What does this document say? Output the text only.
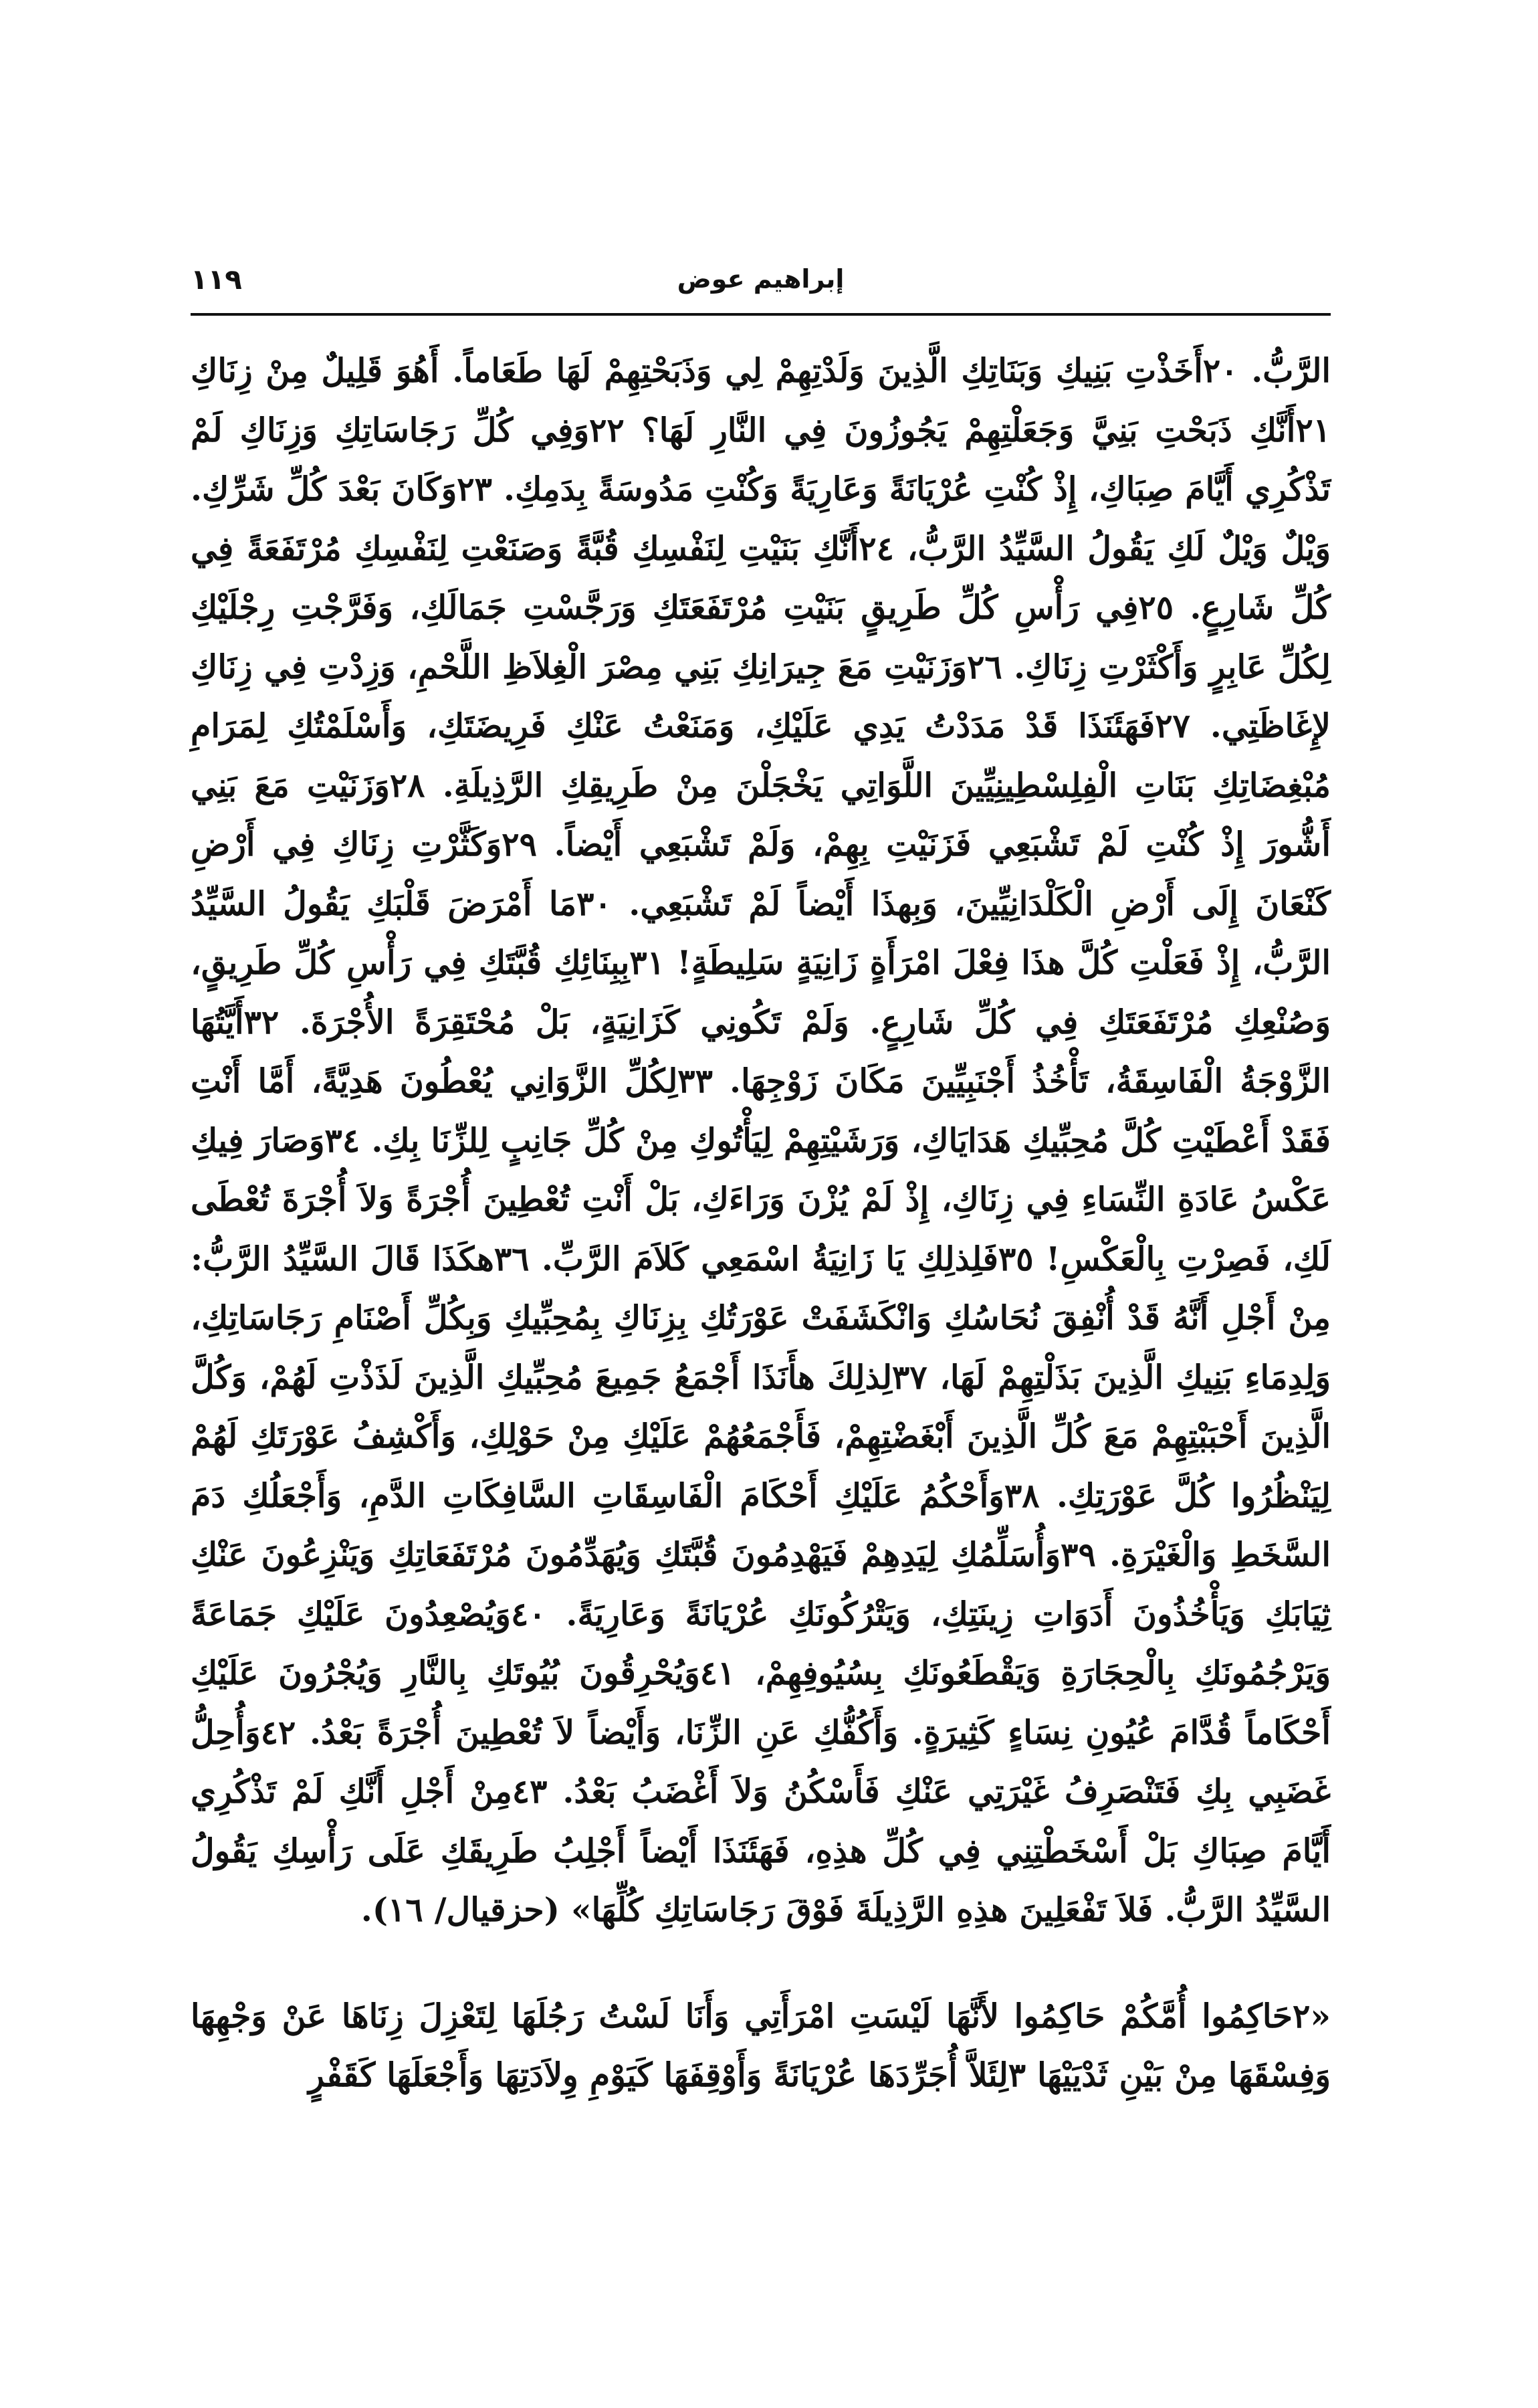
١١٩	إبراهيم عوض

الرَّبُّ. ٢٠أَخَذْتِ بَنِيكِ وَبَنَاتِكِ الَّذِينَ وَلَدْتِهِمْ لِي وَذَبَحْتِهِمْ لَهَا طَعَاماً. أَهُوَ قَلِيلٌ مِنْ زِنَاكِ ٢١أَنَّكِ ذَبَحْتِ بَنِيَّ وَجَعَلْتِهِمْ يَجُوزُونَ فِي النَّارِ لَهَا؟ ٢٢وَفِي كُلِّ رَجَاسَاتِكِ وَزِنَاكِ لَمْ تَذْكُرِي أَيَّامَ صِبَاكِ، إِذْ كُنْتِ عُرْيَانَةً وَعَارِيَةً وَكُنْتِ مَدُوسَةً بِدَمِكِ. ٢٣وَكَانَ بَعْدَ كُلِّ شَرِّكِ. وَيْلٌ وَيْلٌ لَكِ يَقُولُ السَّيِّدُ الرَّبُّ، ٢٤أَنَّكِ بَنَيْتِ لِنَفْسِكِ قُبَّةً وَصَنَعْتِ لِنَفْسِكِ مُرْتَفَعَةً فِي كُلِّ شَارِعٍ. ٢٥فِي رَأْسِ كُلِّ طَرِيقٍ بَنَيْتِ مُرْتَفَعَتَكِ وَرَجَّسْتِ جَمَالَكِ، وَفَرَّجْتِ رِجْلَيْكِ لِكُلِّ عَابِرٍ وَأَكْثَرْتِ زِنَاكِ. ٢٦وَزَنَيْتِ مَعَ جِيرَانِكِ بَنِي مِصْرَ الْغِلاَظِ اللَّحْمِ، وَزِدْتِ فِي زِنَاكِ لإِغَاظَتِي. ٢٧فَهَئَنَذَا قَدْ مَدَدْتُ يَدِي عَلَيْكِ، وَمَنَعْتُ عَنْكِ فَرِيضَتَكِ، وَأَسْلَمْتُكِ لِمَرَامِ مُبْغِضَاتِكِ بَنَاتِ الْفِلِسْطِينِيِّينَ اللَّوَاتِي يَخْجَلْنَ مِنْ طَرِيقِكِ الرَّذِيلَةِ. ٢٨وَزَنَيْتِ مَعَ بَنِي أَشُّورَ إِذْ كُنْتِ لَمْ تَشْبَعِي فَزَنَيْتِ بِهِمْ، وَلَمْ تَشْبَعِي أَيْضاً. ٢٩وَكَثَّرْتِ زِنَاكِ فِي أَرْضِ كَنْعَانَ إِلَى أَرْضِ الْكَلْدَانِيِّينَ، وَبِهذَا أَيْضاً لَمْ تَشْبَعِي. ٣٠مَا أَمْرَضَ قَلْبَكِ يَقُولُ السَّيِّدُ الرَّبُّ، إِذْ فَعَلْتِ كُلَّ هذَا فِعْلَ امْرَأَةٍ زَانِيَةٍ سَلِيطَةٍ! ٣١بِبِنَائِكِ قُبَّتَكِ فِي رَأْسِ كُلِّ طَرِيقٍ، وَصُنْعِكِ مُرْتَفَعَتَكِ فِي كُلِّ شَارِعٍ. وَلَمْ تَكُونِي كَزَانِيَةٍ، بَلْ مُحْتَقِرَةً الأُجْرَةَ. ٣٢أَيَّتُهَا الزَّوْجَةُ الْفَاسِقَةُ، تَأْخُذُ أَجْنَبِيِّينَ مَكَانَ زَوْجِهَا. ٣٣لِكُلِّ الزَّوَانِي يُعْطُونَ هَدِيَّةً، أَمَّا أَنْتِ فَقَدْ أَعْطَيْتِ كُلَّ مُحِبِّيكِ هَدَايَاكِ، وَرَشَيْتِهِمْ لِيَأْتُوكِ مِنْ كُلِّ جَانِبٍ لِلزِّنَا بِكِ. ٣٤وَصَارَ فِيكِ عَكْسُ عَادَةِ النِّسَاءِ فِي زِنَاكِ، إِذْ لَمْ يُزْنَ وَرَاءَكِ، بَلْ أَنْتِ تُعْطِينَ أُجْرَةً وَلاَ أُجْرَةَ تُعْطَى لَكِ، فَصِرْتِ بِالْعَكْسِ! ٣٥فَلِذلِكِ يَا زَانِيَةُ اسْمَعِي كَلاَمَ الرَّبِّ. ٣٦هكَذَا قَالَ السَّيِّدُ الرَّبُّ: مِنْ أَجْلِ أَنَّهُ قَدْ أُنْفِقَ نُحَاسُكِ وَانْكَشَفَتْ عَوْرَتُكِ بِزِنَاكِ بِمُحِبِّيكِ وَبِكُلِّ أَصْنَامِ رَجَاسَاتِكِ، وَلِدِمَاءِ بَنِيكِ الَّذِينَ بَذَلْتِهِمْ لَهَا، ٣٧لِذلِكَ هأَنَذَا أَجْمَعُ جَمِيعَ مُحِبِّيكِ الَّذِينَ لَذَذْتِ لَهُمْ، وَكُلَّ الَّذِينَ أَحْبَبْتِهِمْ مَعَ كُلِّ الَّذِينَ أَبْغَضْتِهِمْ، فَأَجْمَعُهُمْ عَلَيْكِ مِنْ حَوْلِكِ، وَأَكْشِفُ عَوْرَتَكِ لَهُمْ لِيَنْظُرُوا كُلَّ عَوْرَتِكِ. ٣٨وَأَحْكُمُ عَلَيْكِ أَحْكَامَ الْفَاسِقَاتِ السَّافِكَاتِ الدَّمِ، وَأَجْعَلُكِ دَمَ السَّخَطِ وَالْغَيْرَةِ. ٣٩وَأُسَلِّمُكِ لِيَدِهِمْ فَيَهْدِمُونَ قُبَّتَكِ وَيُهَدِّمُونَ مُرْتَفَعَاتِكِ وَيَنْزِعُونَ عَنْكِ ثِيَابَكِ وَيَأْخُذُونَ أَدَوَاتِ زِينَتِكِ، وَيَتْرُكُونَكِ عُرْيَانَةً وَعَارِيَةً. ٤٠وَيُصْعِدُونَ عَلَيْكِ جَمَاعَةً وَيَرْجُمُونَكِ بِالْحِجَارَةِ وَيَقْطَعُونَكِ بِسُيُوفِهِمْ، ٤١وَيُحْرِقُونَ بُيُوتَكِ بِالنَّارِ وَيُجْرُونَ عَلَيْكِ أَحْكَاماً قُدَّامَ عُيُونِ نِسَاءٍ كَثِيرَةٍ. وَأَكُفُّكِ عَنِ الزِّنَا، وَأَيْضاً لاَ تُعْطِينَ أُجْرَةً بَعْدُ. ٤٢وَأُحِلُّ غَضَبِي بِكِ فَتَنْصَرِفُ غَيْرَتِي عَنْكِ فَأَسْكُنُ وَلاَ أَغْضَبُ بَعْدُ. ٤٣مِنْ أَجْلِ أَنَّكِ لَمْ تَذْكُرِي أَيَّامَ صِبَاكِ بَلْ أَسْخَطْتِنِي فِي كُلِّ هذِهِ، فَهَئَنَذَا أَيْضاً أَجْلِبُ طَرِيقَكِ عَلَى رَأْسِكِ يَقُولُ السَّيِّدُ الرَّبُّ. فَلاَ تَفْعَلِينَ هذِهِ الرَّذِيلَةَ فَوْقَ رَجَاسَاتِكِ كُلِّهَا» (حزقيال/ ١٦).

«٢حَاكِمُوا أُمَّكُمْ حَاكِمُوا لأَنَّهَا لَيْسَتِ امْرَأَتِي وَأَنَا لَسْتُ رَجُلَهَا لِتَعْزِلَ زِنَاهَا عَنْ وَجْهِهَا وَفِسْقَهَا مِنْ بَيْنِ ثَدْيَيْهَا ٣لِئَلاَّ أُجَرِّدَهَا عُرْيَانَةً وَأَوْقِفَهَا كَيَوْمِ وِلاَدَتِهَا وَأَجْعَلَهَا كَقَفْرٍ
